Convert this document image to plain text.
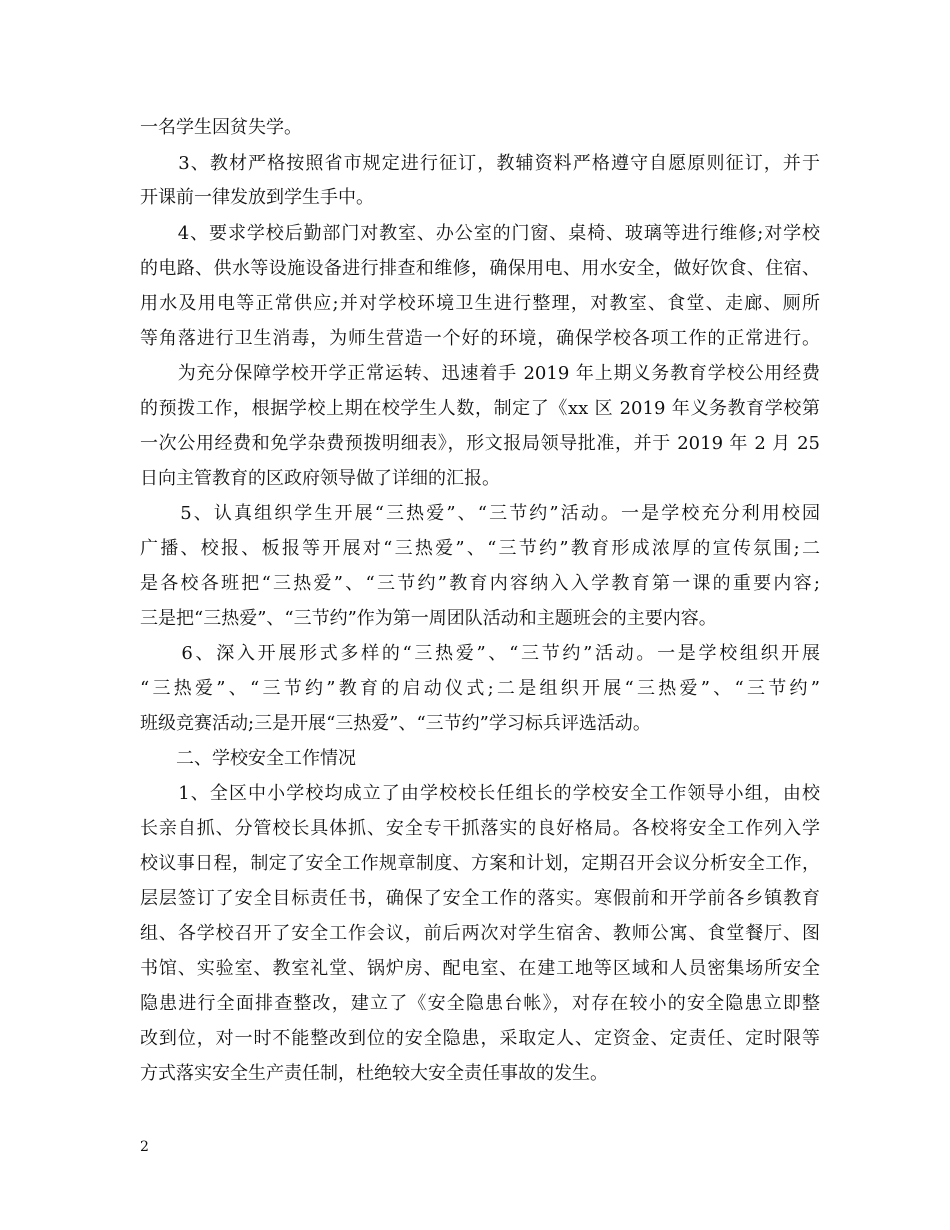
一名学生因贫失学。
　　3、教材严格按照省市规定进行征订，教辅资料严格遵守自愿原则征订，并于
开课前一律发放到学生手中。
　　4、要求学校后勤部门对教室、办公室的门窗、桌椅、玻璃等进行维修;对学校
的电路、供水等设施设备进行排查和维修，确保用电、用水安全，做好饮食、住宿、
用水及用电等正常供应;并对学校环境卫生进行整理，对教室、食堂、走廊、厕所
等角落进行卫生消毒，为师生营造一个好的环境，确保学校各项工作的正常进行。
　　为充分保障学校开学正常运转、迅速着手 2019 年上期义务教育学校公用经费
的预拨工作，根据学校上期在校学生人数，制定了《xx 区 2019 年义务教育学校第
一次公用经费和免学杂费预拨明细表》，形文报局领导批准，并于 2019 年 2 月 25
日向主管教育的区政府领导做了详细的汇报。
　　5、认真组织学生开展“三热爱”、“三节约”活动。一是学校充分利用校园
广播、校报、板报等开展对“三热爱”、“三节约”教育形成浓厚的宣传氛围;二
是各校各班把“三热爱”、“三节约”教育内容纳入入学教育第一课的重要内容;
三是把“三热爱”、“三节约”作为第一周团队活动和主题班会的主要内容。
　　6、深入开展形式多样的“三热爱”、“三节约”活动。一是学校组织开展
“三热爱”、“三节约”教育的启动仪式;二是组织开展“三热爱”、“三节约”
班级竞赛活动;三是开展“三热爱”、“三节约”学习标兵评选活动。
　　二、学校安全工作情况
　　1、全区中小学校均成立了由学校校长任组长的学校安全工作领导小组，由校
长亲自抓、分管校长具体抓、安全专干抓落实的良好格局。各校将安全工作列入学
校议事日程，制定了安全工作规章制度、方案和计划，定期召开会议分析安全工作，
层层签订了安全目标责任书，确保了安全工作的落实。寒假前和开学前各乡镇教育
组、各学校召开了安全工作会议，前后两次对学生宿舍、教师公寓、食堂餐厅、图
书馆、实验室、教室礼堂、锅炉房、配电室、在建工地等区域和人员密集场所安全
隐患进行全面排查整改，建立了《安全隐患台帐》，对存在较小的安全隐患立即整
改到位，对一时不能整改到位的安全隐患，采取定人、定资金、定责任、定时限等
方式落实安全生产责任制，杜绝较大安全责任事故的发生。
2
